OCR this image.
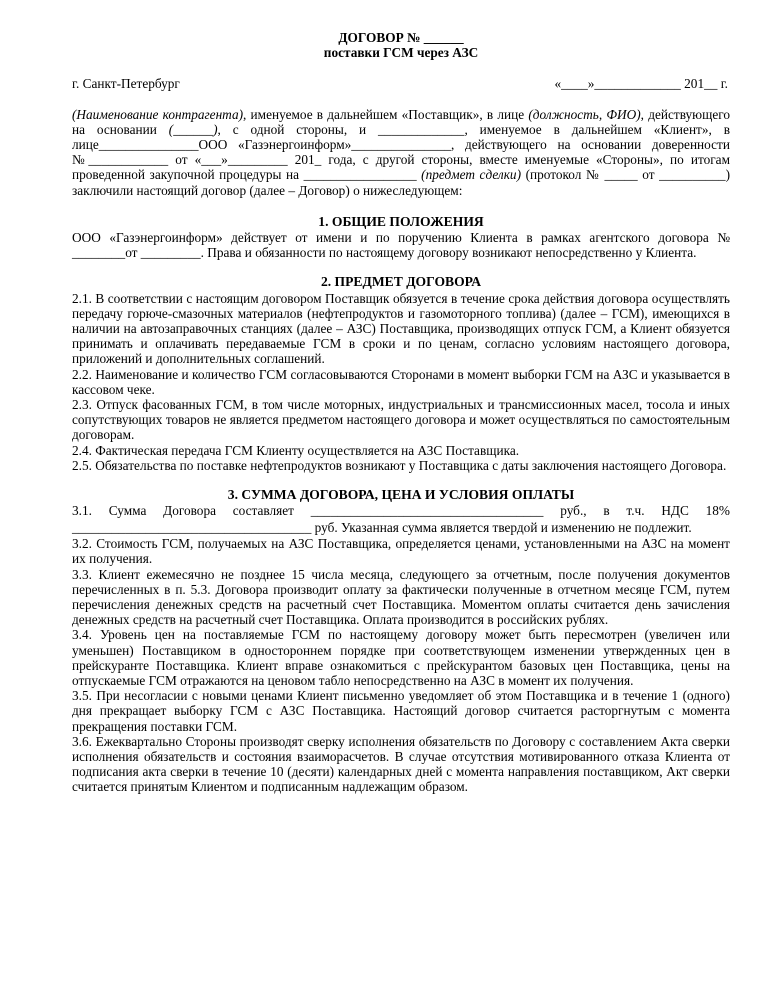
ДОГОВОР № ______

поставки ГСМ через АЗС

г. Санкт-Петербург	«____»_____________ 201__ г.

(Наименование контрагента), именуемое в дальнейшем «Поставщик», в лице (должность, ФИО), действующего на основании (______), с одной стороны, и _____________, именуемое в дальнейшем «Клиент», в лице_______________ООО «Газэнергоинформ»_______________, действующего на основании доверенности №____________ от «___»_________ 201_ года, с другой стороны, вместе именуемые «Стороны», по итогам проведенной закупочной процедуры на _________________ (предмет сделки) (протокол № _____ от __________) заключили настоящий договор (далее – Договор) о нижеследующем:

1. ОБЩИЕ ПОЛОЖЕНИЯ

ООО «Газэнергоинформ» действует от имени и по поручению Клиента в рамках агентского договора № ________от _________. Права и обязанности по настоящему договору возникают непосредственно у Клиента.

2. ПРЕДМЕТ ДОГОВОРА

2.1. В соответствии с настоящим договором Поставщик обязуется в течение срока действия договора осуществлять передачу горюче-смазочных материалов (нефтепродуктов и газомоторного топлива) (далее – ГСМ), имеющихся в наличии на автозаправочных станциях (далее – АЗС) Поставщика, производящих отпуск ГСМ, а Клиент обязуется принимать и оплачивать передаваемые ГСМ в сроки и по ценам, согласно условиям настоящего договора, приложений и дополнительных соглашений.

2.2. Наименование и количество ГСМ согласовываются Сторонами в момент выборки ГСМ на АЗС и указывается в кассовом чеке.

2.3. Отпуск фасованных ГСМ, в том числе моторных, индустриальных и трансмиссионных масел, тосола и иных сопутствующих товаров не является предметом настоящего договора и может осуществляться по самостоятельным договорам.

2.4. Фактическая передача ГСМ Клиенту осуществляется на АЗС Поставщика.

2.5. Обязательства по поставке нефтепродуктов возникают у Поставщика с даты заключения настоящего Договора.

3. СУММА ДОГОВОРА, ЦЕНА И УСЛОВИЯ ОПЛАТЫ

3.1. Сумма Договора составляет ___________________________________ руб., в т.ч. НДС 18% ____________________________________ руб. Указанная сумма является твердой и изменению не подлежит.

3.2. Стоимость ГСМ, получаемых на АЗС Поставщика, определяется ценами, установленными на АЗС на момент их получения.

3.3. Клиент ежемесячно не позднее 15 числа месяца, следующего за отчетным, после получения документов перечисленных в п. 5.3. Договора производит оплату за фактически полученные в отчетном месяце ГСМ, путем перечисления денежных средств на расчетный счет Поставщика. Моментом оплаты считается день зачисления денежных средств на расчетный счет Поставщика. Оплата производится в российских рублях.

3.4. Уровень цен на поставляемые ГСМ по настоящему договору может быть пересмотрен (увеличен или уменьшен) Поставщиком в одностороннем порядке при соответствующем изменении утвержденных цен в прейскуранте Поставщика. Клиент вправе ознакомиться с прейскурантом базовых цен Поставщика, цены на отпускаемые ГСМ отражаются на ценовом табло непосредственно на АЗС в момент их получения.

3.5. При несогласии с новыми ценами Клиент письменно уведомляет об этом Поставщика и в течение 1 (одного) дня прекращает выборку ГСМ с АЗС Поставщика. Настоящий договор считается расторгнутым с момента прекращения поставки ГСМ.

3.6. Ежеквартально Стороны производят сверку исполнения обязательств по Договору с составлением Акта сверки исполнения обязательств и состояния взаиморасчетов. В случае отсутствия мотивированного отказа Клиента от подписания акта сверки в течение 10 (десяти) календарных дней с момента направления поставщиком, Акт сверки считается принятым Клиентом и подписанным надлежащим образом.
